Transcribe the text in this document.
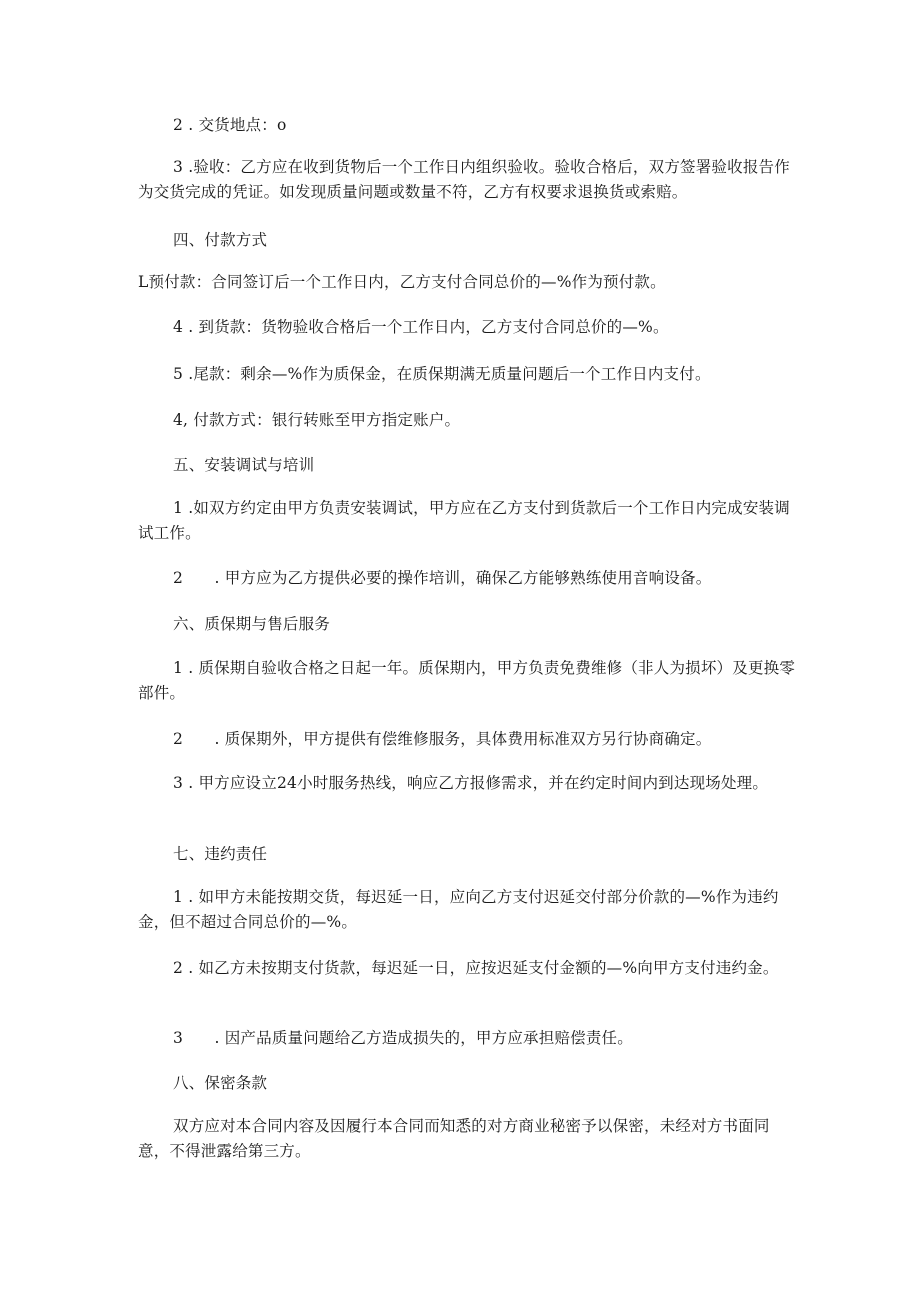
2 . 交货地点：o
3 .验收：乙方应在收到货物后一个工作日内组织验收。验收合格后，双方签署验收报告作为交货完成的凭证。如发现质量问题或数量不符，乙方有权要求退换货或索赔。
四、付款方式
L预付款：合同签订后一个工作日内，乙方支付合同总价的—%作为预付款。
4 . 到货款：货物验收合格后一个工作日内，乙方支付合同总价的—%。
5 .尾款：剩余—%作为质保金，在质保期满无质量问题后一个工作日内支付。
4, 付款方式：银行转账至甲方指定账户。
五、安装调试与培训
1 .如双方约定由甲方负责安装调试，甲方应在乙方支付到货款后一个工作日内完成安装调试工作。
2　　. 甲方应为乙方提供必要的操作培训，确保乙方能够熟练使用音响设备。
六、质保期与售后服务
1 . 质保期自验收合格之日起一年。质保期内，甲方负责免费维修（非人为损坏）及更换零部件。
2　　. 质保期外，甲方提供有偿维修服务，具体费用标准双方另行协商确定。
3 . 甲方应设立24小时服务热线，响应乙方报修需求，并在约定时间内到达现场处理。
七、违约责任
1 . 如甲方未能按期交货，每迟延一日，应向乙方支付迟延交付部分价款的—%作为违约金，但不超过合同总价的—%。
2 . 如乙方未按期支付货款，每迟延一日，应按迟延支付金额的—%向甲方支付违约金。
3　　. 因产品质量问题给乙方造成损失的，甲方应承担赔偿责任。
八、保密条款
双方应对本合同内容及因履行本合同而知悉的对方商业秘密予以保密，未经对方书面同意，不得泄露给第三方。
